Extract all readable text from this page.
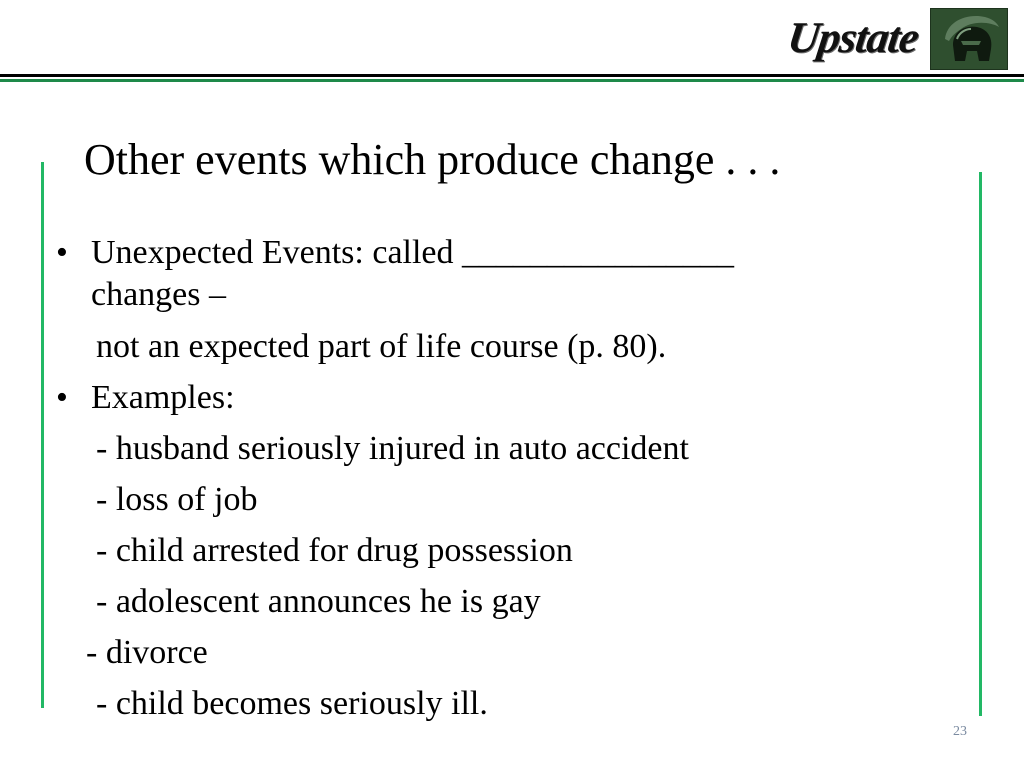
Upstate
Other events which produce change . . .
• Unexpected Events: called ________________
changes –
not an expected part of life course (p. 80).
• Examples:
- husband seriously injured in auto accident
- loss of job
- child arrested for drug possession
- adolescent announces he is gay
- divorce
- child becomes seriously ill.
23
